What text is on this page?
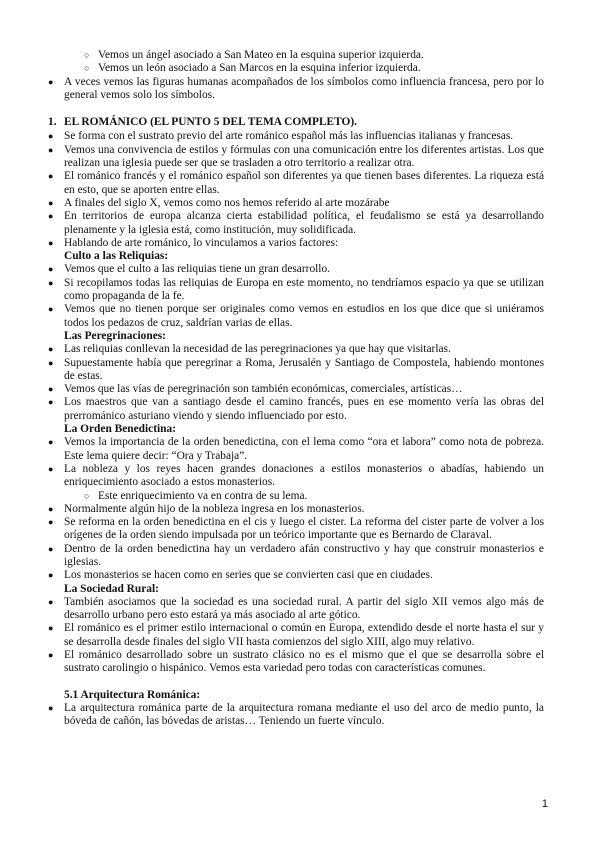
○ Vemos un ángel asociado a San Mateo en la esquina superior izquierda.
○ Vemos un león asociado a San Marcos en la esquina inferior izquierda.
● A veces vemos las figuras humanas acompañados de los símbolos como influencia francesa, pero por lo general vemos solo los símbolos.
1. EL ROMÁNICO (EL PUNTO 5 DEL TEMA COMPLETO).
● Se forma con el sustrato previo del arte románico español más las influencias italianas y francesas.
● Vemos una convivencia de estilos y fórmulas con una comunicación entre los diferentes artistas. Los que realizan una iglesia puede ser que se trasladen a otro territorio a realizar otra.
● El románico francés y el románico español son diferentes ya que tienen bases diferentes. La riqueza está en esto, que se aporten entre ellas.
● A finales del siglo X, vemos como nos hemos referido al arte mozárabe
● En territorios de europa alcanza cierta estabilidad política, el feudalismo se está ya desarrollando plenamente y la iglesia está, como institución, muy solidificada.
● Hablando de arte románico, lo vinculamos a varios factores:
Culto a las Reliquias:
● Vemos que el culto a las reliquias tiene un gran desarrollo.
● Si recopilamos todas las reliquias de Europa en este momento, no tendríamos espacio ya que se utilizan como propaganda de la fe.
● Vemos que no tienen porque ser originales como vemos en estudios en los que dice que si uniéramos todos los pedazos de cruz, saldrían varias de ellas.
Las Peregrinaciones:
● Las reliquias conllevan la necesidad de las peregrinaciones ya que hay que visitarlas.
● Supuestamente había que peregrinar a Roma, Jerusalén y Santiago de Compostela, habiendo montones de estas.
● Vemos que las vías de peregrinación son también económicas, comerciales, artísticas…
● Los maestros que van a santiago desde el camino francés, pues en ese momento vería las obras del prerrománico asturiano viendo y siendo influenciado por esto.
La Orden Benedictina:
● Vemos la importancia de la orden benedictina, con el lema como “ora et labora” como nota de pobreza. Este lema quiere decir: “Ora y Trabaja”.
● La nobleza y los reyes hacen grandes donaciones a estilos monasterios o abadías, habiendo un enriquecimiento asociado a estos monasterios.
○ Este enriquecimiento va en contra de su lema.
● Normalmente algún hijo de la nobleza ingresa en los monasterios.
● Se reforma en la orden benedictina en el cis y luego el cister. La reforma del cister parte de volver a los orígenes de la orden siendo impulsada por un teórico importante que es Bernardo de Claraval.
● Dentro de la orden benedictina hay un verdadero afán constructivo y hay que construir monasterios e iglesias.
● Los monasterios se hacen como en series que se convierten casi que en ciudades.
La Sociedad Rural:
● También asociamos que la sociedad es una sociedad rural. A partir del siglo XII vemos algo más de desarrollo urbano pero esto estará ya más asociado al arte gótico.
● El románico es el primer estilo internacional o común en Europa, extendido desde el norte hasta el sur y se desarrolla desde finales del siglo VII hasta comienzos del siglo XIII, algo muy relativo.
● El románico desarrollado sobre un sustrato clásico no es el mismo que el que se desarrolla sobre el sustrato carolingio o hispánico. Vemos esta variedad pero todas con características comunes.
5.1 Arquitectura Románica:
● La arquitectura románica parte de la arquitectura romana mediante el uso del arco de medio punto, la bóveda de cañón, las bóvedas de aristas… Teniendo un fuerte vínculo.
1
